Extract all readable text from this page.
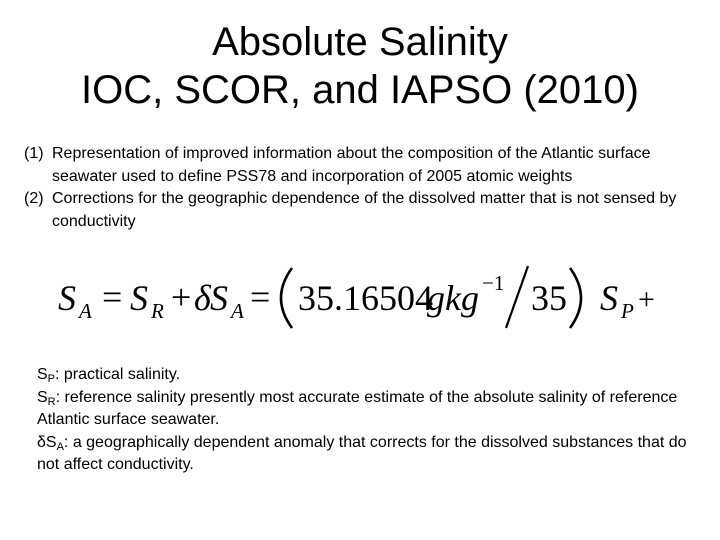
Absolute Salinity
IOC, SCOR, and IAPSO (2010)
(1) Representation of improved information about the composition of the Atlantic surface seawater used to define PSS78 and incorporation of 2005 atomic weights
(2) Corrections for the geographic dependence of the dissolved matter that is not sensed by conductivity
S A = S R + δ S A = 35.16504
gkg −1 35 S P +

$S_P$: practical salinity.

$S_R$: reference salinity presently most accurate estimate of the absolute salinity of reference Atlantic surface seawater.

$\delta S_A$: a geographically dependent anomaly that corrects for the dissolved substances that do not affect conductivity.
